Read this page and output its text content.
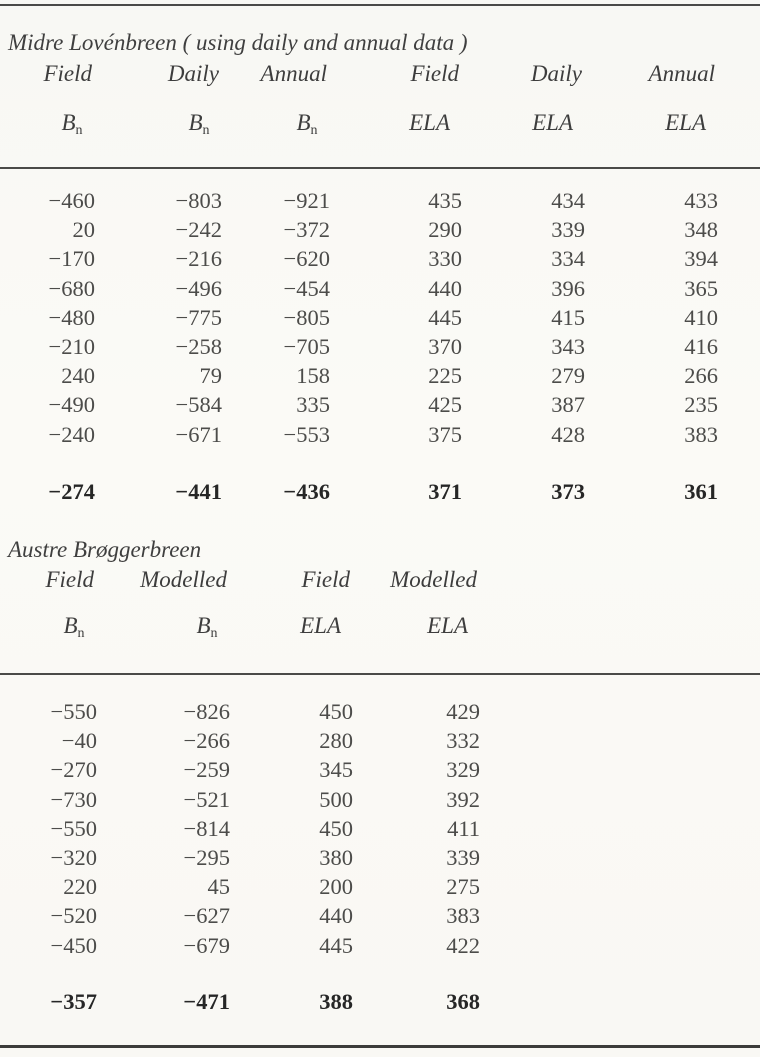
Midre Lovénbreen ( using daily and annual data )
Field	Daily	Annual	Field	Daily	Annual
$B_n$	$B_n$	$B_n$	ELA	ELA	ELA
−460	−803	−921	435	434	433
20	−242	−372	290	339	348
−170	−216	−620	330	334	394
−680	−496	−454	440	396	365
−480	−775	−805	445	415	410
−210	−258	−705	370	343	416
240	79	158	225	279	266
−490	−584	335	425	387	235
−240	−671	−553	375	428	383
−274	−441	−436	371	373	361
Austre Brøggerbreen
Field	Modelled	Field	Modelled
$B_n$	$B_n$	ELA	ELA
−550	−826	450	429
−40	−266	280	332
−270	−259	345	329
−730	−521	500	392
−550	−814	450	411
−320	−295	380	339
220	45	200	275
−520	−627	440	383
−450	−679	445	422
−357	−471	388	368
